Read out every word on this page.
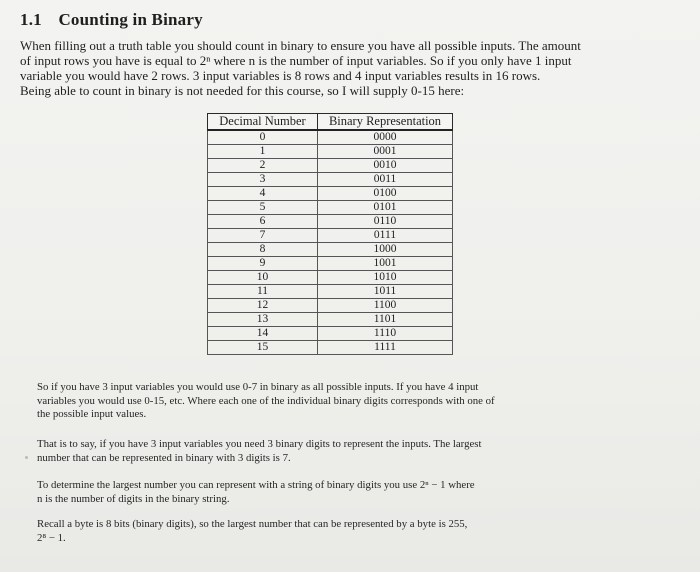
1.1 Counting in Binary

When filling out a truth table you should count in binary to ensure you have all possible inputs. The amount

of input rows you have is equal to 2ⁿ where n is the number of input variables. So if you only have 1 input

variable you would have 2 rows. 3 input variables is 8 rows and 4 input variables results in 16 rows.

Being able to count in binary is not needed for this course, so I will supply 0-15 here:

Decimal Number	Binary Representation
0	0000
1	0001
2	0010
3	0011
4	0100
5	0101
6	0110
7	0111
8	1000
9	1001
10	1010
11	1011
12	1100
13	1101
14	1110
15	1111

So if you have 3 input variables you would use 0-7 in binary as all possible inputs. If you have 4 input

variables you would use 0-15, etc. Where each one of the individual binary digits corresponds with one of

the possible input values.

That is to say, if you have 3 input variables you need 3 binary digits to represent the inputs. The largest

number that can be represented in binary with 3 digits is 7.

To determine the largest number you can represent with a string of binary digits you use 2ⁿ − 1 where

n is the number of digits in the binary string.

Recall a byte is 8 bits (binary digits), so the largest number that can be represented by a byte is 255,

2⁸ − 1.
